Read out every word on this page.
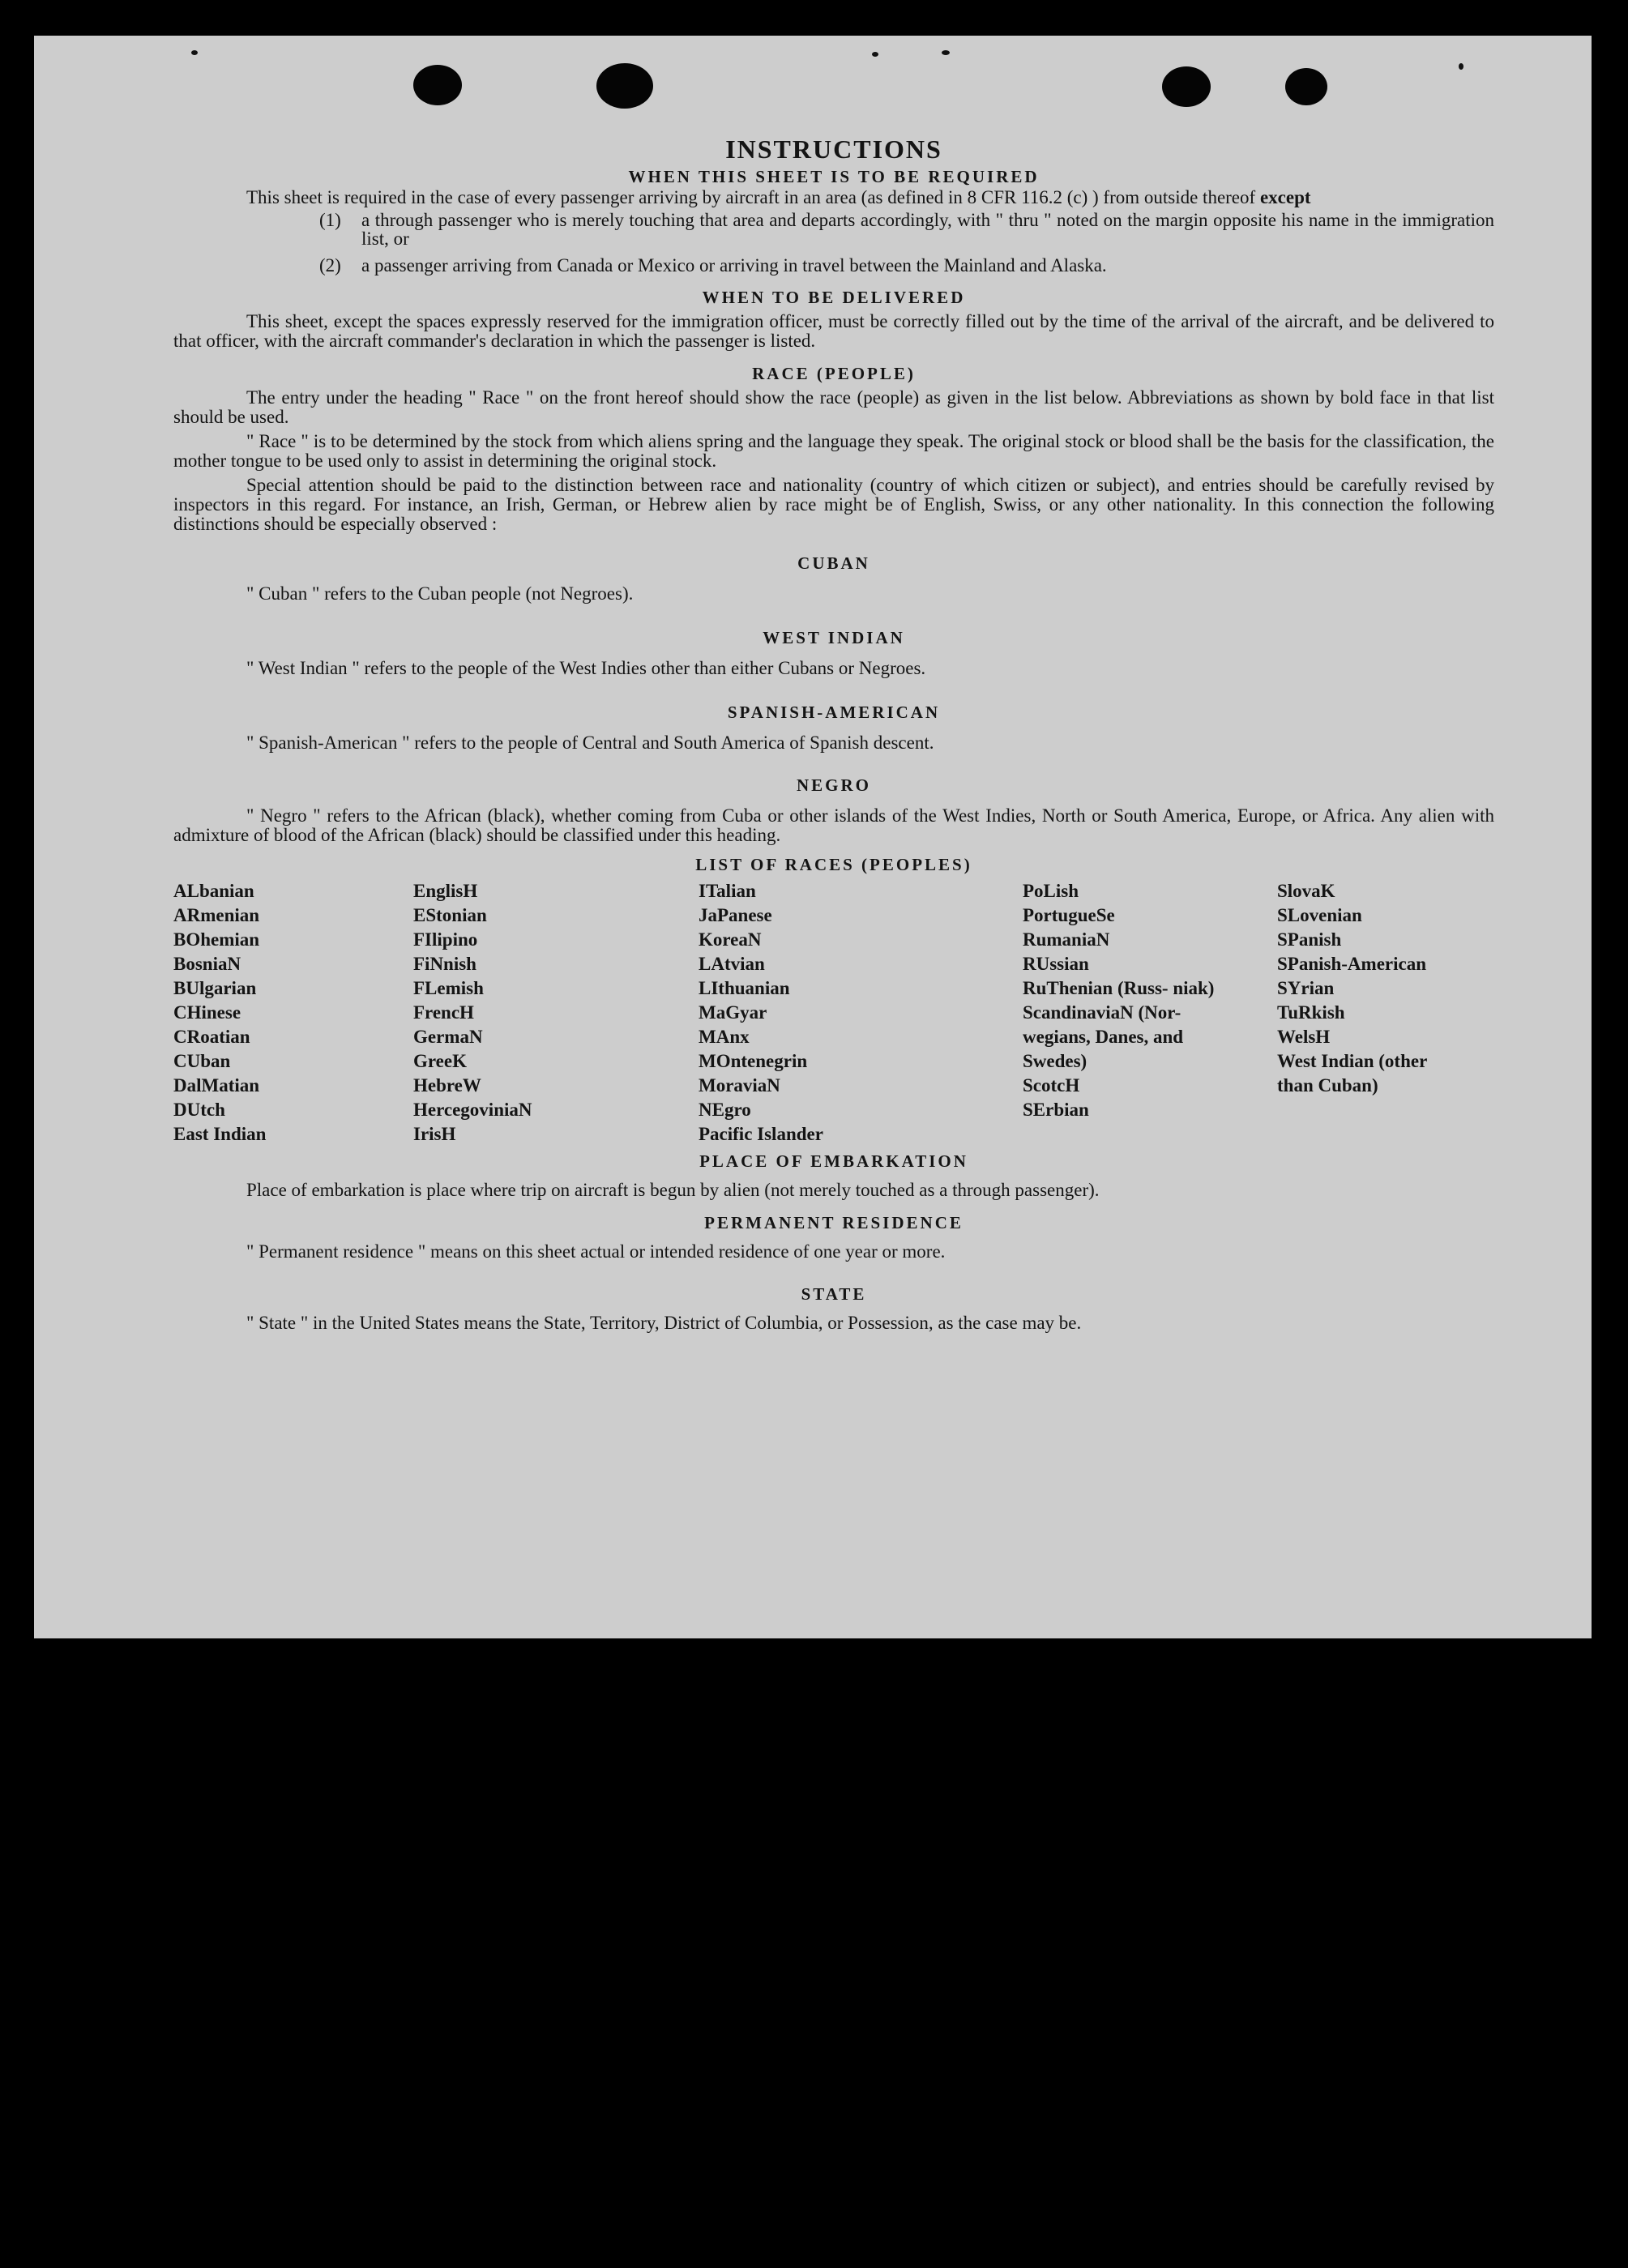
INSTRUCTIONS
WHEN THIS SHEET IS TO BE REQUIRED

This sheet is required in the case of every passenger arriving by aircraft in an area (as defined in 8 CFR 116.2 (c) ) from outside thereof except

(1)	a through passenger who is merely touching that area and departs accordingly, with " thru " noted on the margin opposite his name in the immigration list, or
(2)	a passenger arriving from Canada or Mexico or arriving in travel between the Mainland and Alaska.
WHEN TO BE DELIVERED

This sheet, except the spaces expressly reserved for the immigration officer, must be correctly filled out by the time of the arrival of the aircraft, and be delivered to that officer, with the aircraft commander's declaration in which the passenger is listed.

RACE (PEOPLE)

The entry under the heading " Race " on the front hereof should show the race (people) as given in the list below. Abbreviations as shown by bold face in that list should be used.

" Race " is to be determined by the stock from which aliens spring and the language they speak. The original stock or blood shall be the basis for the classification, the mother tongue to be used only to assist in determining the original stock.

Special attention should be paid to the distinction between race and nationality (country of which citizen or subject), and entries should be carefully revised by inspectors in this regard. For instance, an Irish, German, or Hebrew alien by race might be of English, Swiss, or any other nationality. In this connection the following distinctions should be especially observed :

CUBAN

" Cuban " refers to the Cuban people (not Negroes).

WEST INDIAN

" West Indian " refers to the people of the West Indies other than either Cubans or Negroes.

SPANISH-AMERICAN

" Spanish-American " refers to the people of Central and South America of Spanish descent.

NEGRO

" Negro " refers to the African (black), whether coming from Cuba or other islands of the West Indies, North or South America, Europe, or Africa. Any alien with admixture of blood of the African (black) should be classified under this heading.

LIST OF RACES (PEOPLES)
ALbanian
ARmenian
BOhemian
BosniaN
BUlgarian
CHinese
CRoatian
CUban
DalMatian
DUtch
East Indian
EnglisH
EStonian
FIlipino
FiNnish
FLemish
FrencH
GermaN
GreeK
HebreW
HercegoviniaN
IrisH
ITalian
JaPanese
KoreaN
LAtvian
LIthuanian
MaGyar
MAnx
MOntenegrin
MoraviaN
NEgro
Pacific Islander
PoLish
PortugueSe
RumaniaN
RUssian
RuThenian (Russ- niak)
ScandinaviaN (Nor- wegians, Danes, and Swedes)
ScotcH
SErbian
SlovaK
SLovenian
SPanish
SPanish-American
SYrian
TuRkish
WelsH
West Indian (other than Cuban)
PLACE OF EMBARKATION

Place of embarkation is place where trip on aircraft is begun by alien (not merely touched as a through passenger).

PERMANENT RESIDENCE

" Permanent residence " means on this sheet actual or intended residence of one year or more.

STATE

" State " in the United States means the State, Territory, District of Columbia, or Possession, as the case may be.
